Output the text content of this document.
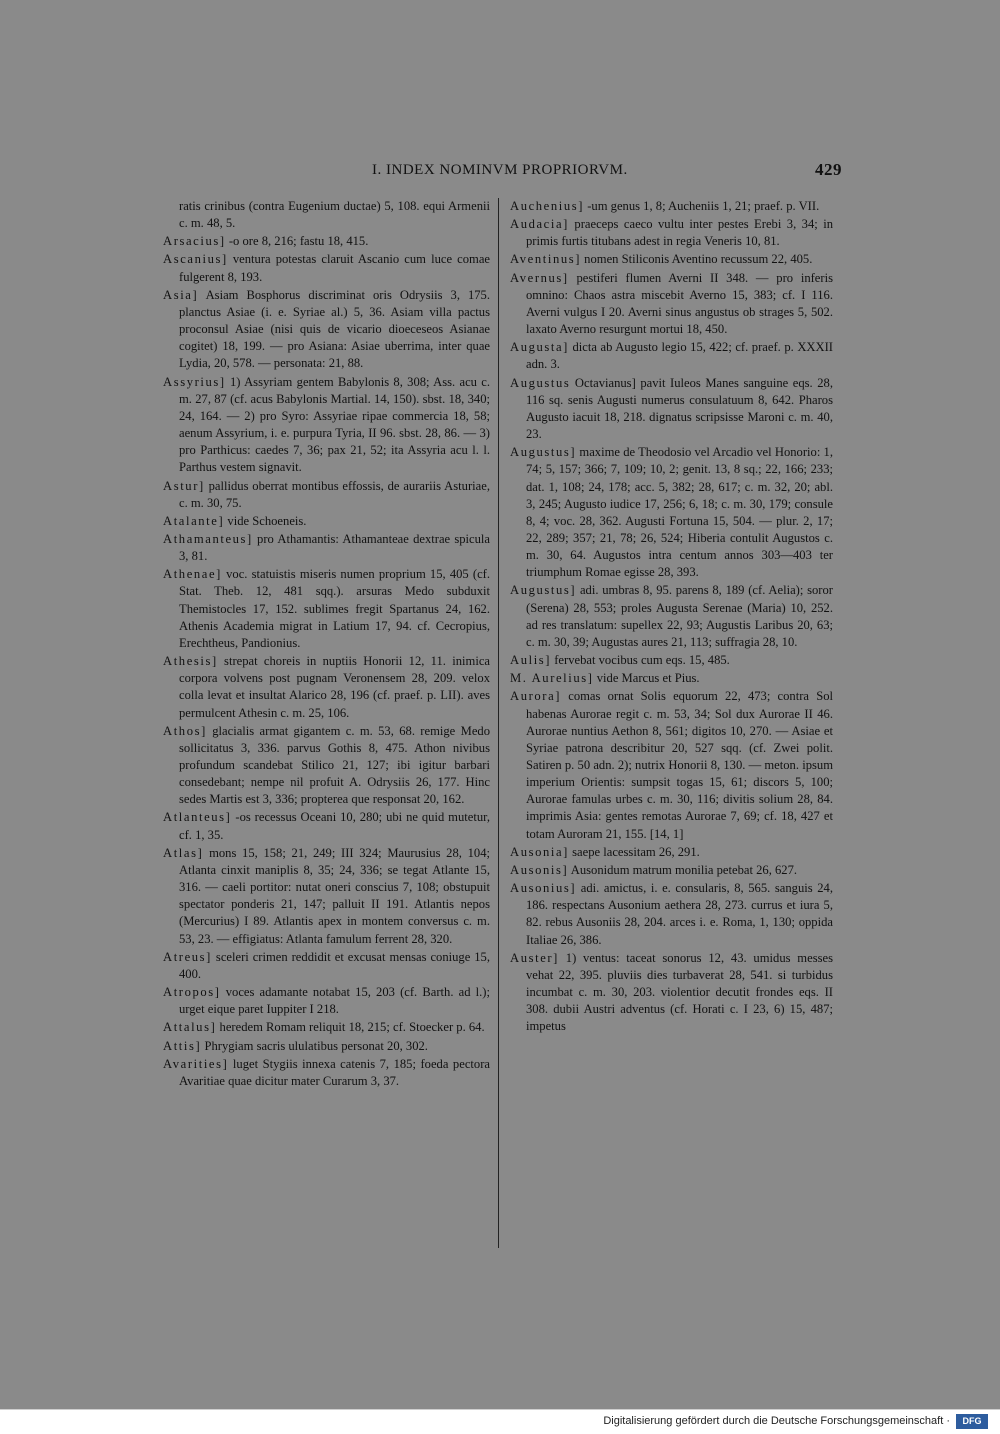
I. INDEX NOMINVM PROPRIORVM.	429
ratis crinibus (contra Eugenium ductae) 5, 108. equi Armenii c. m. 48, 5.
Arsacius] -o ore 8, 216; fastu 18, 415.
Ascanius] ventura potestas claruit Ascanio cum luce comae fulgerent 8, 193.
Asia] Asiam Bosphorus discriminat oris Odrysiis 3, 175. planctus Asiae (i. e. Syriae al.) 5, 36. Asiam villa pactus proconsul Asiae (nisi quis de vicario dioeceseos Asianae cogitet) 18, 199. — pro Asiana: Asiae uberrima, inter quae Lydia, 20, 578. — personata: 21, 88.
Assyrius] 1) Assyriam gentem Babylonis 8, 308; Ass. acu c. m. 27, 87 (cf. acus Babylonis Martial. 14, 150). sbst. 18, 340; 24, 164. — 2) pro Syro: Assyriae ripae commercia 18, 58; aenum Assyrium, i. e. purpura Tyria, II 96. sbst. 28, 86. — 3) pro Parthicus: caedes 7, 36; pax 21, 52; ita Assyria acu l. l. Parthus vestem signavit.
Astur] pallidus oberrat montibus effossis, de aurariis Asturiae, c. m. 30, 75.
Atalante] vide Schoeneis.
Athamanteus] pro Athamantis: Athamanteae dextrae spicula 3, 81.
Athenae] voc. statuistis miseris numen proprium 15, 405 (cf. Stat. Theb. 12, 481 sqq.). arsuras Medo subduxit Themistocles 17, 152. sublimes fregit Spartanus 24, 162. Athenis Academia migrat in Latium 17, 94. cf. Cecropius, Erechtheus, Pandionius.
Athesis] strepat choreis in nuptiis Honorii 12, 11. inimica corpora volvens post pugnam Veronensem 28, 209. velox colla levat et insultat Alarico 28, 196 (cf. praef. p. LII). aves permulcent Athesin c. m. 25, 106.
Athos] glacialis armat gigantem c. m. 53, 68. remige Medo sollicitatus 3, 336. parvus Gothis 8, 475. Athon nivibus profundum scandebat Stilico 21, 127; ibi igitur barbari consedebant; nempe nil profuit A. Odrysiis 26, 177. Hinc sedes Martis est 3, 336; propterea que responsat 20, 162.
Atlanteus] -os recessus Oceani 10, 280; ubi ne quid mutetur, cf. 1, 35.
Atlas] mons 15, 158; 21, 249; III 324; Maurusius 28, 104; Atlanta cinxit maniplis 8, 35; 24, 336; se tegat Atlante 15, 316. — caeli portitor: nutat oneri conscius 7, 108; obstupuit spectator ponderis 21, 147; palluit II 191. Atlantis nepos (Mercurius) I 89. Atlantis apex in montem conversus c. m. 53, 23. — effigiatus: Atlanta famulum ferrent 28, 320.
Atreus] sceleri crimen reddidit et excusat mensas coniuge 15, 400.
Atropos] voces adamante notabat 15, 203 (cf. Barth. ad l.); urget eique paret Iuppiter I 218.
Attalus] heredem Romam reliquit 18, 215; cf. Stoecker p. 64.
Attis] Phrygiam sacris ululatibus personat 20, 302.
Avarities] luget Stygiis innexa catenis 7, 185; foeda pectora Avaritiae quae dicitur mater Curarum 3, 37.
Auchenius] -um genus 1, 8; Aucheniis 1, 21; praef. p. VII.
Audacia] praeceps caeco vultu inter pestes Erebi 3, 34; in primis furtis titubans adest in regia Veneris 10, 81.
Aventinus] nomen Stiliconis Aventino recussum 22, 405.
Avernus] pestiferi flumen Averni II 348. — pro inferis omnino: Chaos astra miscebit Averno 15, 383; cf. I 116. Averni vulgus I 20. Averni sinus angustus ob strages 5, 502. laxato Averno resurgunt mortui 18, 450.
Augusta] dicta ab Augusto legio 15, 422; cf. praef. p. XXXII adn. 3.
Augustus Octavianus] pavit Iuleos Manes sanguine eqs. 28, 116 sq. senis Augusti numerus consulatuum 8, 642. Pharos Augusto iacuit 18, 218. dignatus scripsisse Maroni c. m. 40, 23.
Augustus] maxime de Theodosio vel Arcadio vel Honorio: 1, 74; 5, 157; 366; 7, 109; 10, 2; genit. 13, 8 sq.; 22, 166; 233; dat. 1, 108; 24, 178; acc. 5, 382; 28, 617; c. m. 32, 20; abl. 3, 245; Augusto iudice 17, 256; 6, 18; c. m. 30, 179; consule 8, 4; voc. 28, 362. Augusti Fortuna 15, 504. — plur. 2, 17; 22, 289; 357; 21, 78; 26, 524; Hiberia contulit Augustos c. m. 30, 64. Augustos intra centum annos 303—403 ter triumphum Romae egisse 28, 393.
Augustus] adi. umbras 8, 95. parens 8, 189 (cf. Aelia); soror (Serena) 28, 553; proles Augusta Serenae (Maria) 10, 252. ad res translatum: supellex 22, 93; Augustis Laribus 20, 63; c. m. 30, 39; Augustas aures 21, 113; suffragia 28, 10.
Aulis] fervebat vocibus cum eqs. 15, 485.
M. Aurelius] vide Marcus et Pius.
Aurora] comas ornat Solis equorum 22, 473; contra Sol habenas Aurorae regit c. m. 53, 34; Sol dux Aurorae II 46. Aurorae nuntius Aethon 8, 561; digitos 10, 270. — Asiae et Syriae patrona describitur 20, 527 sqq. (cf. Zwei polit. Satiren p. 50 adn. 2); nutrix Honorii 8, 130. — meton. ipsum imperium Orientis: sumpsit togas 15, 61; discors 5, 100; Aurorae famulas urbes c. m. 30, 116; divitis solium 28, 84. imprimis Asia: gentes remotas Aurorae 7, 69; cf. 18, 427 et totam Auroram 21, 155. [14, 1]
Ausonia] saepe lacessitam 26, 291.
Ausonis] Ausonidum matrum monilia petebat 26, 627.
Ausonius] adi. amictus, i. e. consularis, 8, 565. sanguis 24, 186. respectans Ausonium aethera 28, 273. currus et iura 5, 82. rebus Ausoniis 28, 204. arces i. e. Roma, 1, 130; oppida Italiae 26, 386.
Auster] 1) ventus: taceat sonorus 12, 43. umidus messes vehat 22, 395. pluviis dies turbaverat 28, 541. si turbidus incumbat c. m. 30, 203. violentior decutit frondes eqs. II 308. dubii Austri adventus (cf. Horati c. I 23, 6) 15, 487; impetus
Digitalisierung gefördert durch die Deutsche Forschungsgemeinschaft ·	DFG
